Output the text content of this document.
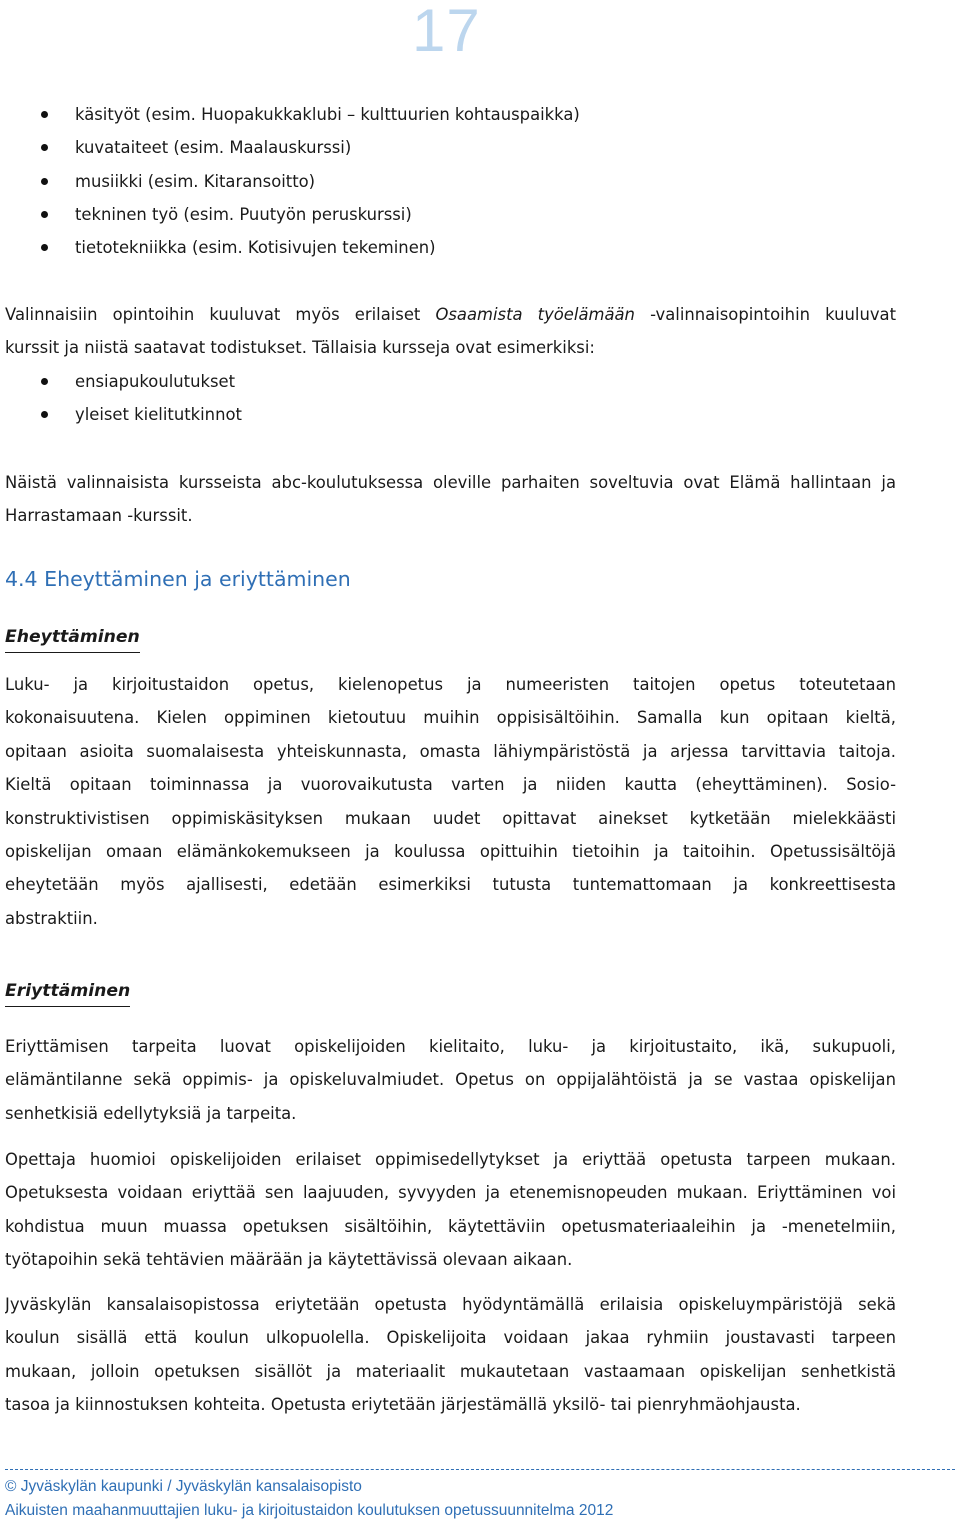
17
käsityöt (esim. Huopakukkaklubi – kulttuurien kohtauspaikka)
kuvataiteet (esim. Maalauskurssi)
musiikki (esim. Kitaransoitto)
tekninen työ (esim. Puutyön peruskurssi)
tietotekniikka (esim. Kotisivujen tekeminen)
Valinnaisiin opintoihin kuuluvat myös erilaiset Osaamista työelämään -valinnaisopintoihin kuuluvat
kurssit ja niistä saatavat todistukset. Tällaisia kursseja ovat esimerkiksi:
ensiapukoulutukset
yleiset kielitutkinnot
Näistä valinnaisista kursseista abc-koulutuksessa oleville parhaiten soveltuvia ovat Elämä hallintaan ja
Harrastamaan -kurssit.
4.4 Eheyttäminen ja eriyttäminen
Eheyttäminen
Luku- ja kirjoitustaidon opetus, kielenopetus ja numeeristen taitojen opetus toteutetaan
kokonaisuutena. Kielen oppiminen kietoutuu muihin oppisisältöihin. Samalla kun opitaan kieltä,
opitaan asioita suomalaisesta yhteiskunnasta, omasta lähiympäristöstä ja arjessa tarvittavia taitoja.
Kieltä opitaan toiminnassa ja vuorovaikutusta varten ja niiden kautta (eheyttäminen). Sosio-
konstruktivistisen oppimiskäsityksen mukaan uudet opittavat ainekset kytketään mielekkäästi
opiskelijan omaan elämänkokemukseen ja koulussa opittuihin tietoihin ja taitoihin. Opetussisältöjä
eheytetään myös ajallisesti, edetään esimerkiksi tutusta tuntemattomaan ja konkreettisesta
abstraktiin.
Eriyttäminen
Eriyttämisen tarpeita luovat opiskelijoiden kielitaito, luku- ja kirjoitustaito, ikä, sukupuoli,
elämäntilanne sekä oppimis- ja opiskeluvalmiudet. Opetus on oppijalähtöistä ja se vastaa opiskelijan
senhetkisiä edellytyksiä ja tarpeita.
Opettaja huomioi opiskelijoiden erilaiset oppimisedellytykset ja eriyttää opetusta tarpeen mukaan.
Opetuksesta voidaan eriyttää sen laajuuden, syvyyden ja etenemisnopeuden mukaan. Eriyttäminen voi
kohdistua muun muassa opetuksen sisältöihin, käytettäviin opetusmateriaaleihin ja -menetelmiin,
työtapoihin sekä tehtävien määrään ja käytettävissä olevaan aikaan.
Jyväskylän kansalaisopistossa eriytetään opetusta hyödyntämällä erilaisia opiskeluympäristöjä sekä
koulun sisällä että koulun ulkopuolella. Opiskelijoita voidaan jakaa ryhmiin joustavasti tarpeen
mukaan, jolloin opetuksen sisällöt ja materiaalit mukautetaan vastaamaan opiskelijan senhetkistä
tasoa ja kiinnostuksen kohteita. Opetusta eriytetään järjestämällä yksilö- tai pienryhmäohjausta.
© Jyväskylän kaupunki / Jyväskylän kansalaisopisto
Aikuisten maahanmuuttajien luku- ja kirjoitustaidon koulutuksen opetussuunnitelma 2012
